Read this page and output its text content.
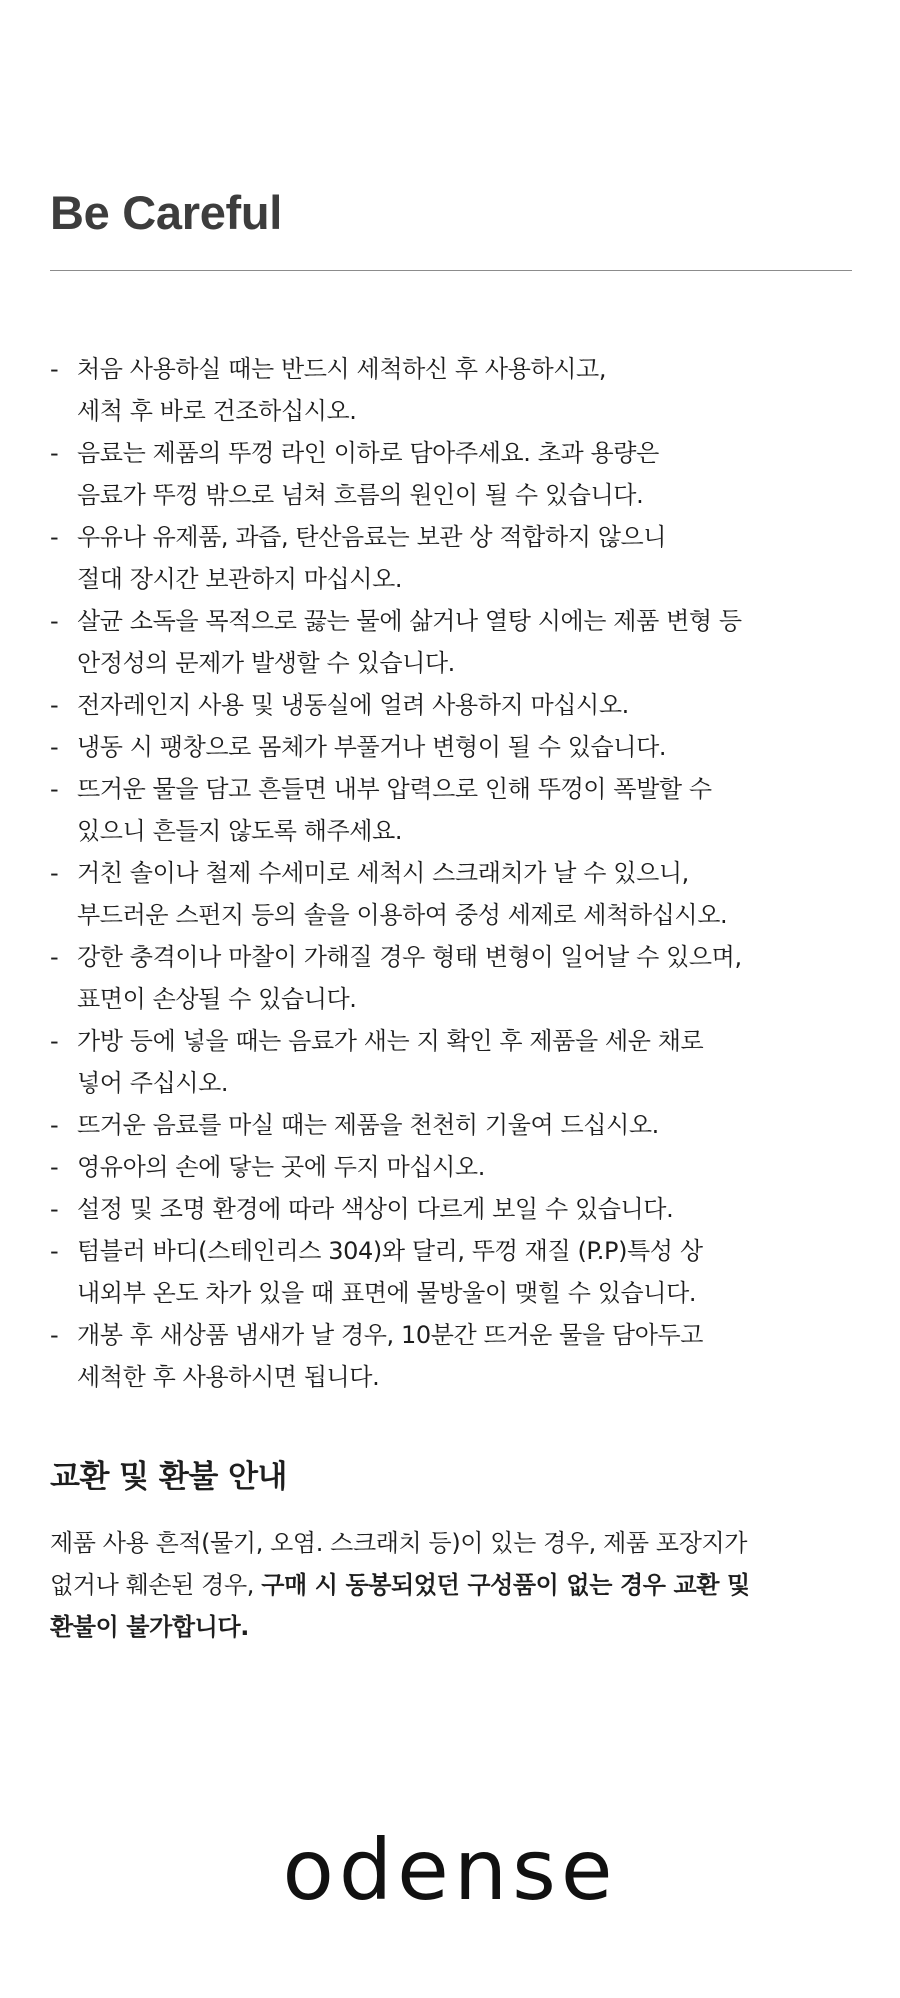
Be Careful
- 처음 사용하실 때는 반드시 세척하신 후 사용하시고,
세척 후 바로 건조하십시오.
- 음료는 제품의 뚜껑 라인 이하로 담아주세요. 초과 용량은
음료가 뚜껑 밖으로 넘쳐 흐름의 원인이 될 수 있습니다.
- 우유나 유제품, 과즙, 탄산음료는 보관 상 적합하지 않으니
절대 장시간 보관하지 마십시오.
- 살균 소독을 목적으로 끓는 물에 삶거나 열탕 시에는 제품 변형 등
안정성의 문제가 발생할 수 있습니다.
- 전자레인지 사용 및 냉동실에 얼려 사용하지 마십시오.
- 냉동 시 팽창으로 몸체가 부풀거나 변형이 될 수 있습니다.
- 뜨거운 물을 담고 흔들면 내부 압력으로 인해 뚜껑이 폭발할 수
있으니 흔들지 않도록 해주세요.
- 거친 솔이나 철제 수세미로 세척시 스크래치가 날 수 있으니,
부드러운 스펀지 등의 솔을 이용하여 중성 세제로 세척하십시오.
- 강한 충격이나 마찰이 가해질 경우 형태 변형이 일어날 수 있으며,
표면이 손상될 수 있습니다.
- 가방 등에 넣을 때는 음료가 새는 지 확인 후 제품을 세운 채로
넣어 주십시오.
- 뜨거운 음료를 마실 때는 제품을 천천히 기울여 드십시오.
- 영유아의 손에 닿는 곳에 두지 마십시오.
- 설정 및 조명 환경에 따라 색상이 다르게 보일 수 있습니다.
- 텀블러 바디(스테인리스 304)와 달리, 뚜껑 재질 (P.P)특성 상
내외부 온도 차가 있을 때 표면에 물방울이 맺힐 수 있습니다.
- 개봉 후 새상품 냄새가 날 경우, 10분간 뜨거운 물을 담아두고
세척한 후 사용하시면 됩니다.
교환 및 환불 안내

제품 사용 흔적(물기, 오염. 스크래치 등)이 있는 경우, 제품 포장지가
없거나 훼손된 경우, 구매 시 동봉되었던 구성품이 없는 경우 교환 및
환불이 불가합니다.

odense
